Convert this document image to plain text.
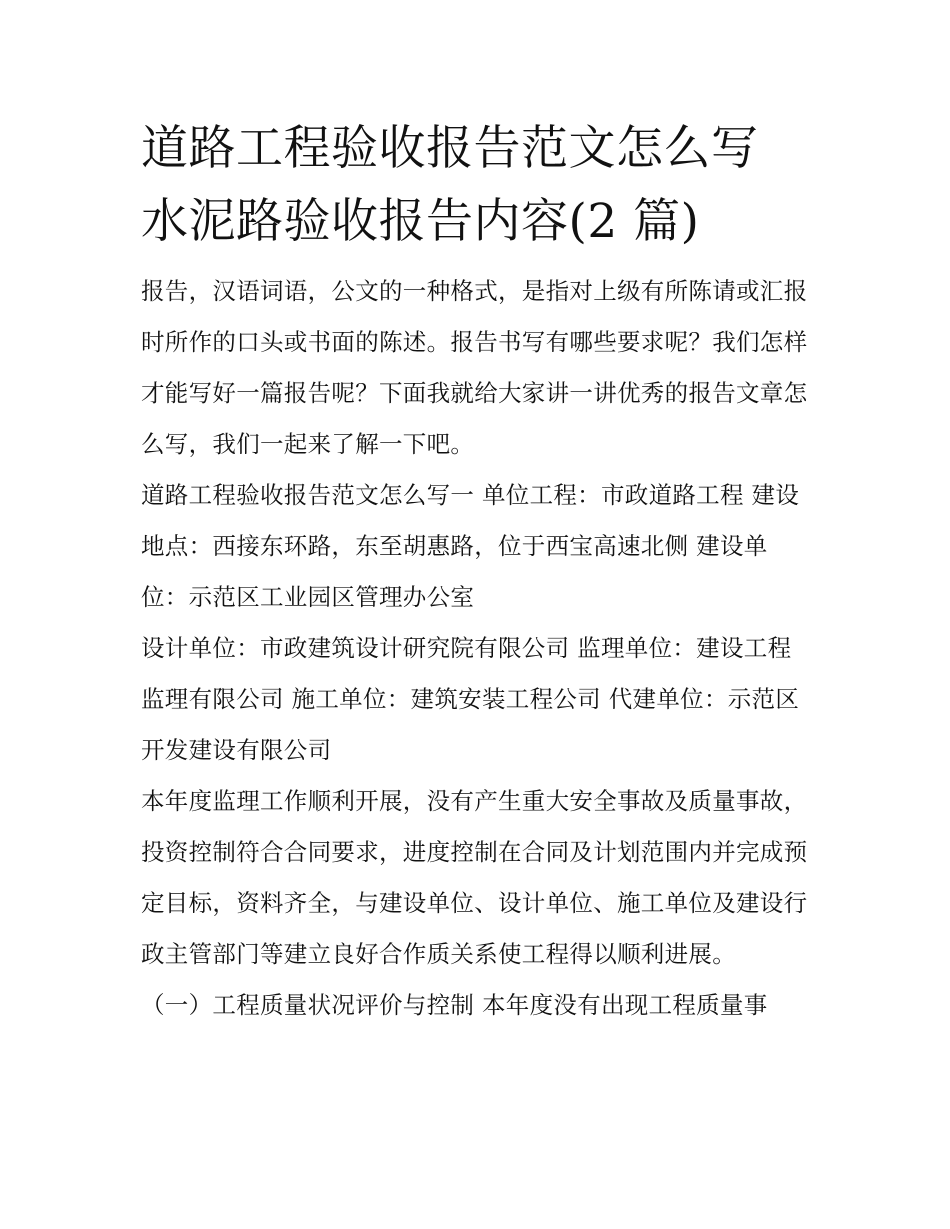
道路工程验收报告范文怎么写
水泥路验收报告内容(2 篇)

报告，汉语词语，公文的一种格式，是指对上级有所陈请或汇报时所作的口头或书面的陈述。报告书写有哪些要求呢？我们怎样才能写好一篇报告呢？下面我就给大家讲一讲优秀的报告文章怎么写，我们一起来了解一下吧。

道路工程验收报告范文怎么写一 单位工程：市政道路工程 建设地点：西接东环路，东至胡惠路，位于西宝高速北侧 建设单位：示范区工业园区管理办公室

设计单位：市政建筑设计研究院有限公司 监理单位：建设工程监理有限公司 施工单位：建筑安装工程公司 代建单位：示范区开发建设有限公司

本年度监理工作顺利开展，没有产生重大安全事故及质量事故，投资控制符合合同要求，进度控制在合同及计划范围内并完成预定目标，资料齐全，与建设单位、设计单位、施工单位及建设行政主管部门等建立良好合作质关系使工程得以顺利进展。

（一）工程质量状况评价与控制 本年度没有出现工程质量事
